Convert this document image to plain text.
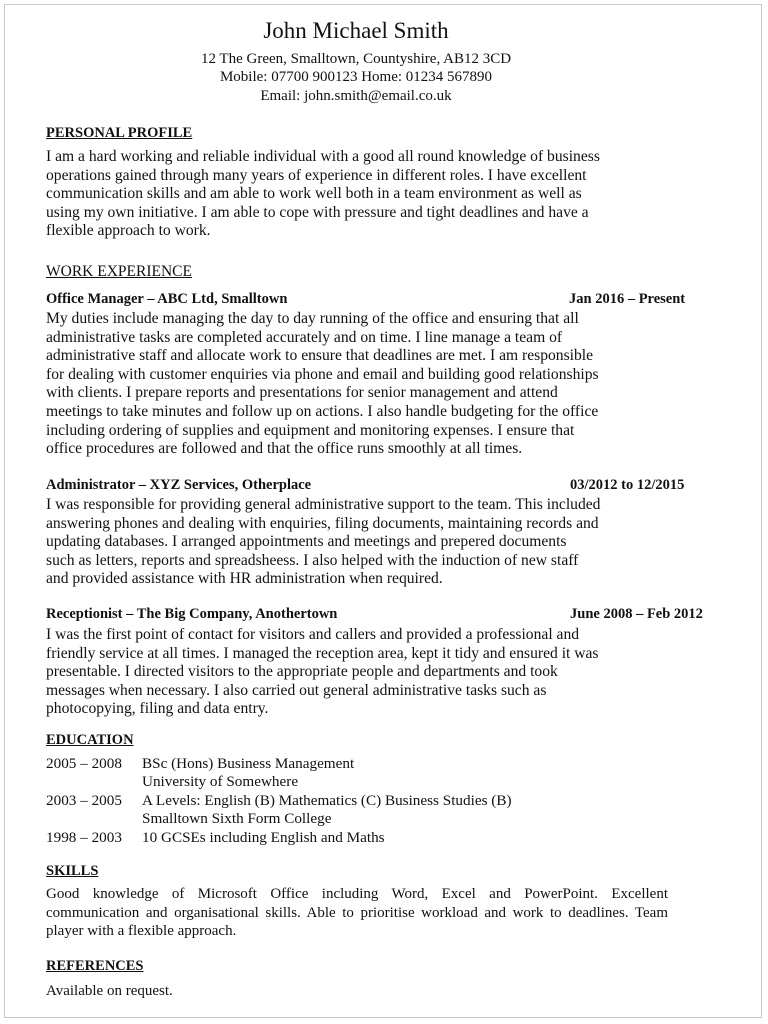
John Michael Smith
12 The Green, Smalltown, Countyshire, AB12 3CD
Mobile: 07700 900123 Home: 01234 567890
Email: john.smith@email.co.uk
PERSONAL PROFILE
I am a hard working and reliable individual with a good all round knowledge of business
operations gained through many years of experience in different roles. I have excellent
communication skills and am able to work well both in a team environment as well as
using my own initiative. I am able to cope with pressure and tight deadlines and have a
flexible approach to work.
WORK EXPERIENCE
Office Manager – ABC Ltd, Smalltown	Jan 2016 – Present
My duties include managing the day to day running of the office and ensuring that all
administrative tasks are completed accurately and on time. I line manage a team of
administrative staff and allocate work to ensure that deadlines are met. I am responsible
for dealing with customer enquiries via phone and email and building good relationships
with clients. I prepare reports and presentations for senior management and attend
meetings to take minutes and follow up on actions. I also handle budgeting for the office
including ordering of supplies and equipment and monitoring expenses. I ensure that
office procedures are followed and that the office runs smoothly at all times.
Administrator – XYZ Services, Otherplace	03/2012 to 12/2015
I was responsible for providing general administrative support to the team. This included
answering phones and dealing with enquiries, filing documents, maintaining records and
updating databases. I arranged appointments and meetings and prepered documents
such as letters, reports and spreadsheess. I also helped with the induction of new staff
and provided assistance with HR administration when required.
Receptionist – The Big Company, Anothertown	June 2008 – Feb 2012
I was the first point of contact for visitors and callers and provided a professional and
friendly service at all times. I managed the reception area, kept it tidy and ensured it was
presentable. I directed visitors to the appropriate people and departments and took
messages when necessary. I also carried out general administrative tasks such as
photocopying, filing and data entry.
EDUCATION
2005 – 2008 BSc (Hons) Business Management
University of Somewhere
2003 – 2005 A Levels: English (B) Mathematics (C) Business Studies (B)
Smalltown Sixth Form College
1998 – 2003 10 GCSEs including English and Maths
SKILLS

Good knowledge of Microsoft Office including Word, Excel and PowerPoint. Excellent communication and organisational skills. Able to prioritise workload and work to deadlines. Team player with a flexible approach.

REFERENCES
Available on request.
